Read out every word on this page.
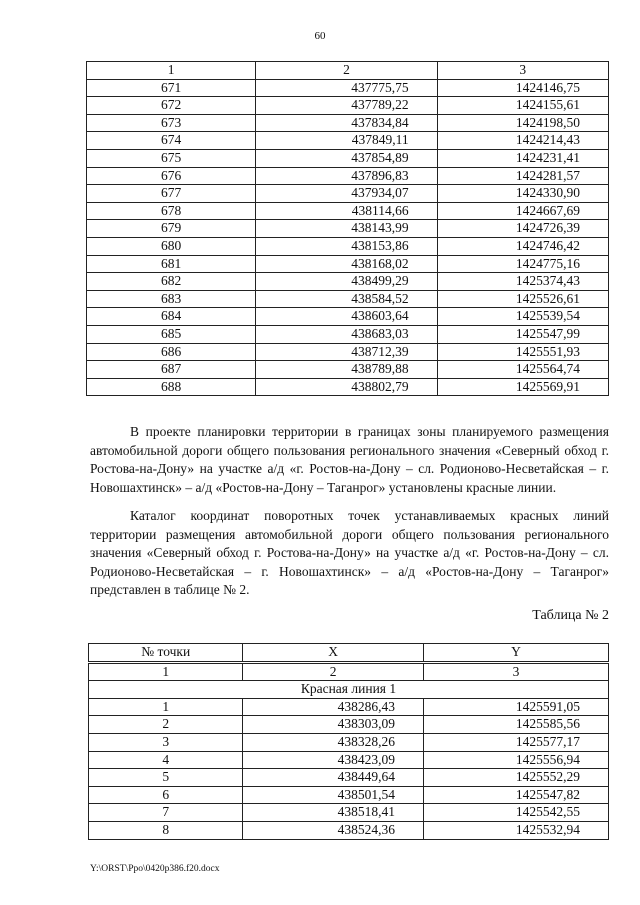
60
1	2	3
671	437775,75	1424146,75
672	437789,22	1424155,61
673	437834,84	1424198,50
674	437849,11	1424214,43
675	437854,89	1424231,41
676	437896,83	1424281,57
677	437934,07	1424330,90
678	438114,66	1424667,69
679	438143,99	1424726,39
680	438153,86	1424746,42
681	438168,02	1424775,16
682	438499,29	1425374,43
683	438584,52	1425526,61
684	438603,64	1425539,54
685	438683,03	1425547,99
686	438712,39	1425551,93
687	438789,88	1425564,74
688	438802,79	1425569,91

В проекте планировки территории в границах зоны планируемого размещения автомобильной дороги общего пользования регионального значения «Северный обход г. Ростова-на-Дону» на участке а/д «г. Ростов-на-Дону – сл. Родионово-Несветайская – г. Новошахтинск» – а/д «Ростов-на-Дону – Таганрог» установлены красные линии.

Каталог координат поворотных точек устанавливаемых красных линий территории размещения автомобильной дороги общего пользования регионального значения «Северный обход г. Ростова-на-Дону» на участке а/д «г. Ростов-на-Дону – сл. Родионово-Несветайская – г. Новошахтинск» – а/д «Ростов-на-Дону – Таганрог» представлен в таблице № 2.

Таблица № 2

№ точки	X	Y
1	2	3
Красная линия 1		
1	438286,43	1425591,05
2	438303,09	1425585,56
3	438328,26	1425577,17
4	438423,09	1425556,94
5	438449,64	1425552,29
6	438501,54	1425547,82
7	438518,41	1425542,55
8	438524,36	1425532,94
Y:\ORST\Ppo\0420p386.f20.docx
